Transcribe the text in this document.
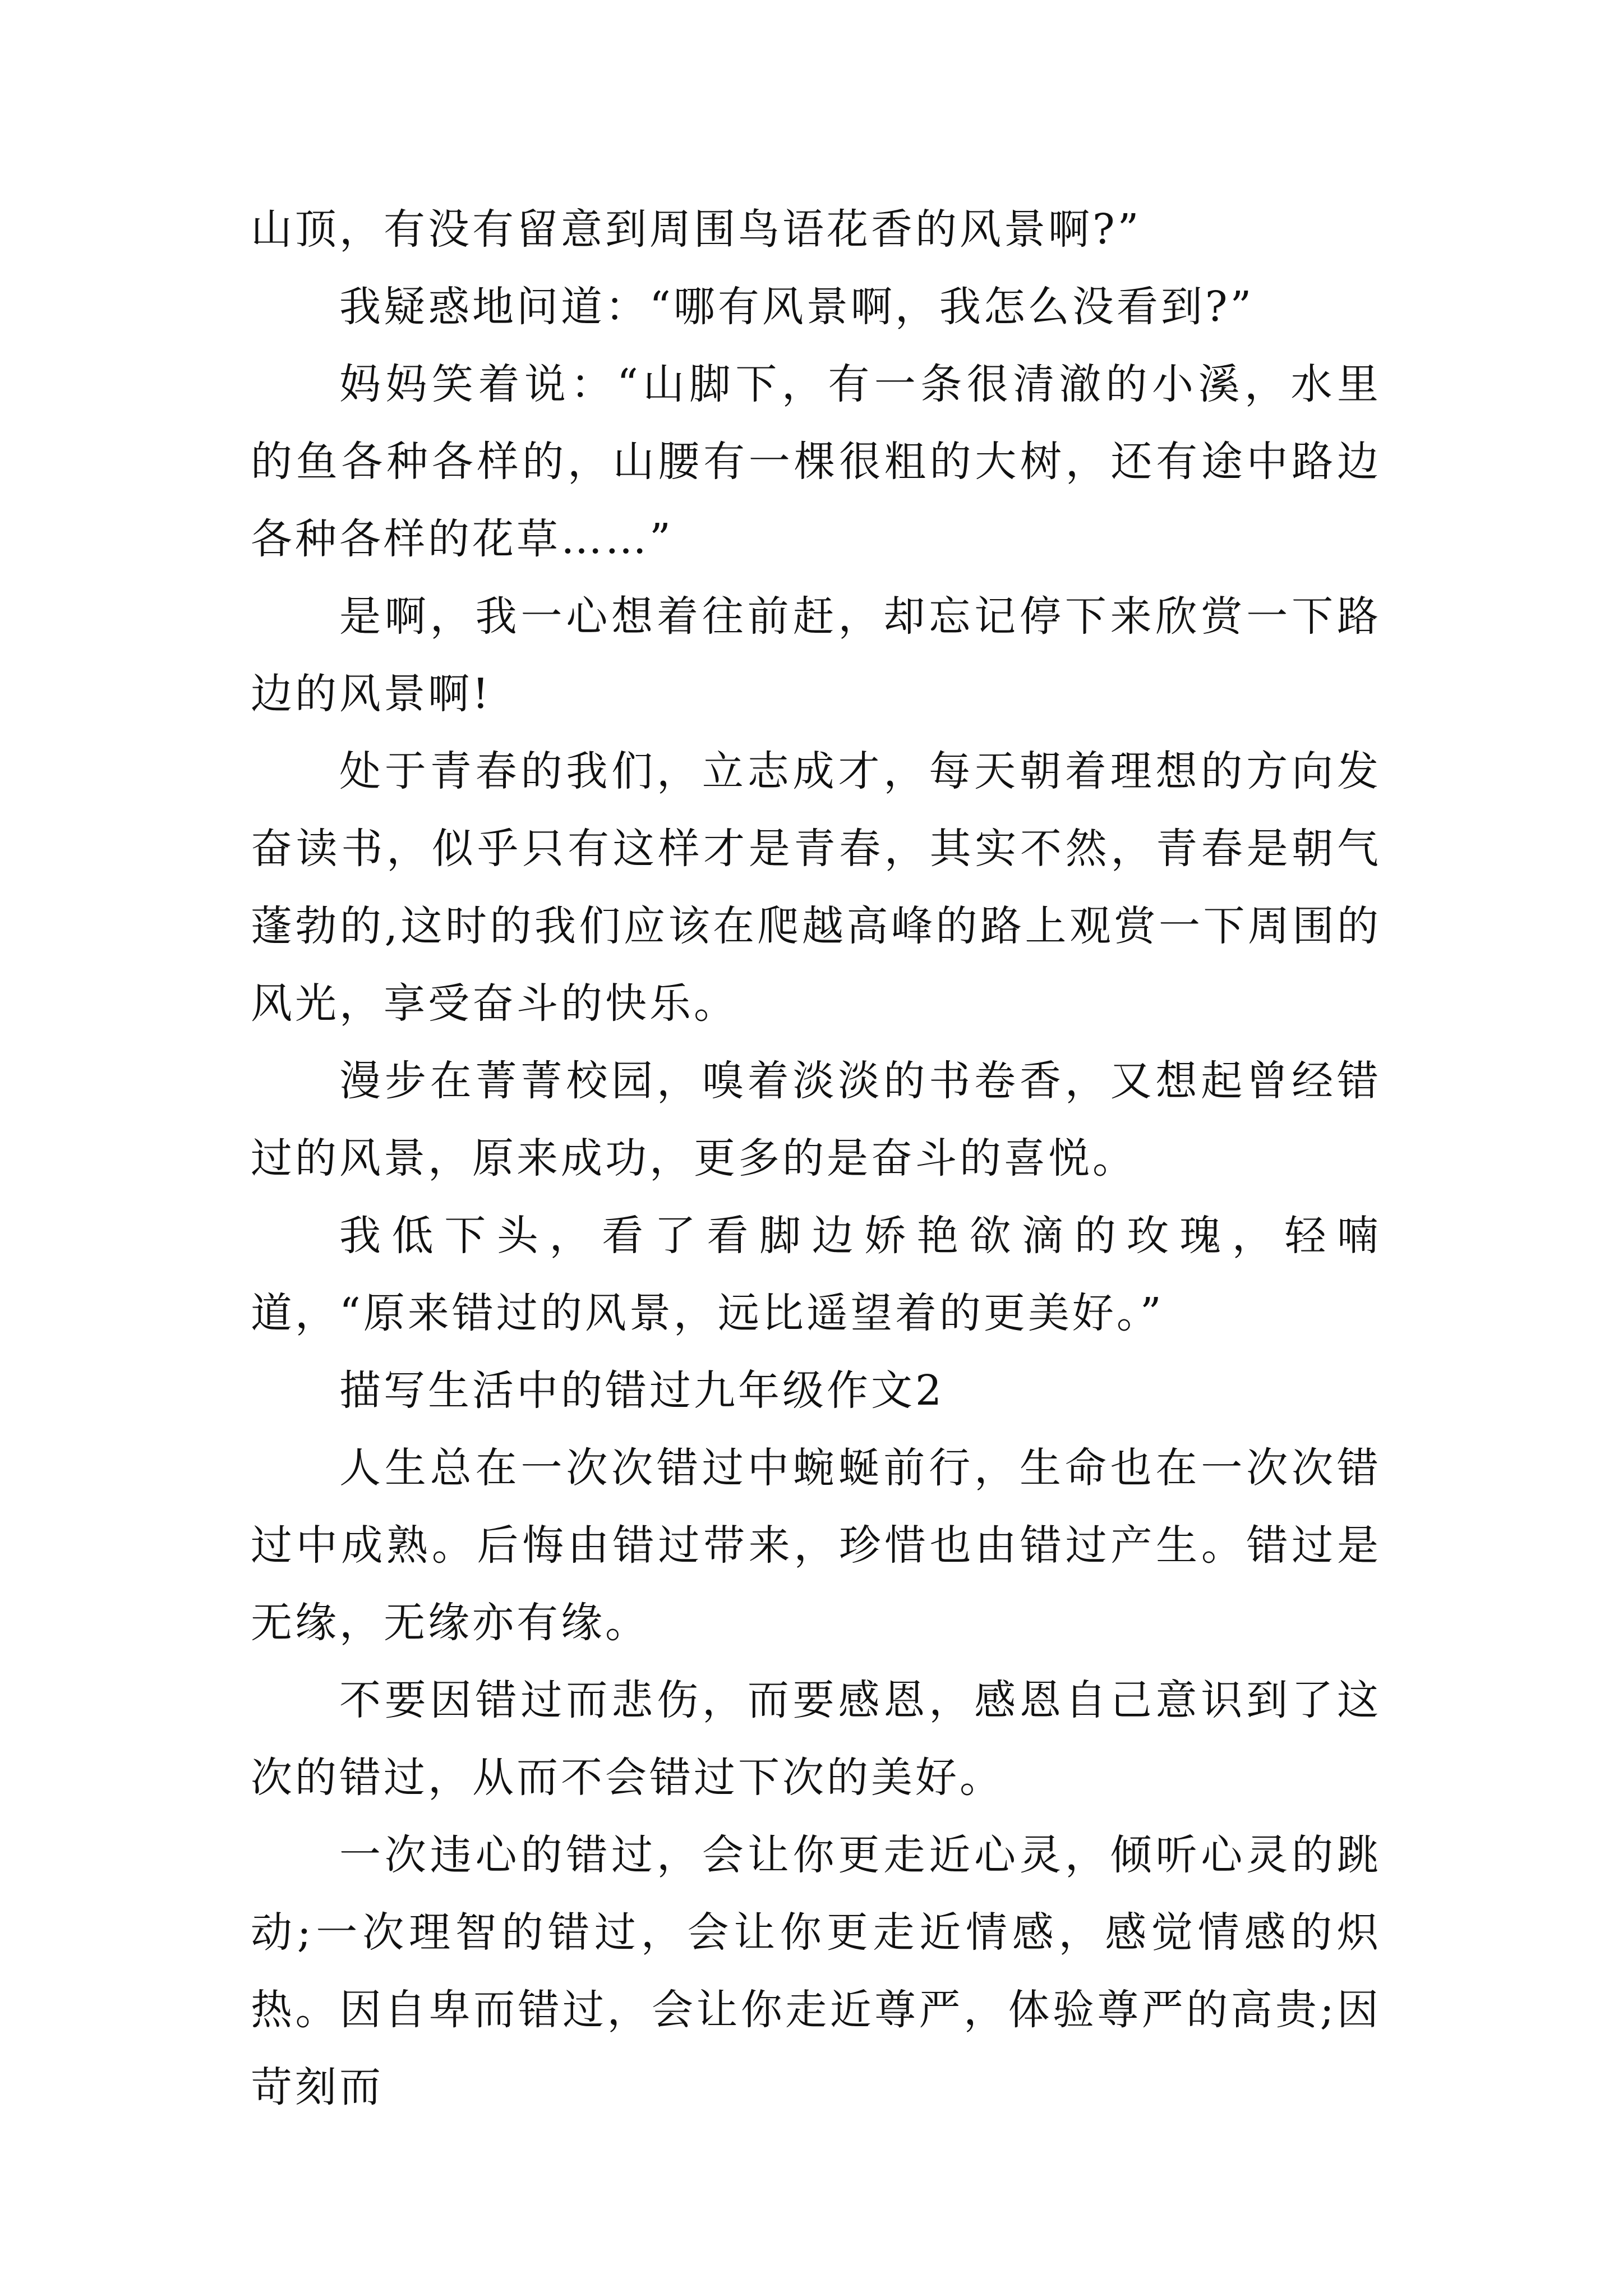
山顶，有没有留意到周围鸟语花香的风景啊?”

我疑惑地问道：“哪有风景啊，我怎么没看到?”

妈妈笑着说：“山脚下，有一条很清澈的小溪，水里的鱼各种各样的，山腰有一棵很粗的大树，还有途中路边各种各样的花草……”

是啊，我一心想着往前赶，却忘记停下来欣赏一下路边的风景啊!

处于青春的我们，立志成才，每天朝着理想的方向发奋读书，似乎只有这样才是青春，其实不然，青春是朝气蓬勃的,这时的我们应该在爬越高峰的路上观赏一下周围的风光，享受奋斗的快乐。

漫步在菁菁校园，嗅着淡淡的书卷香，又想起曾经错过的风景，原来成功，更多的是奋斗的喜悦。

我低下头，看了看脚边娇艳欲滴的玫瑰，轻喃道，“原来错过的风景，远比遥望着的更美好。”

描写生活中的错过九年级作文2

人生总在一次次错过中蜿蜒前行，生命也在一次次错过中成熟。后悔由错过带来，珍惜也由错过产生。错过是无缘，无缘亦有缘。

不要因错过而悲伤，而要感恩，感恩自己意识到了这次的错过，从而不会错过下次的美好。

一次违心的错过，会让你更走近心灵，倾听心灵的跳动;一次理智的错过，会让你更走近情感，感觉情感的炽热。因自卑而错过，会让你走近尊严，体验尊严的高贵;因苛刻而
